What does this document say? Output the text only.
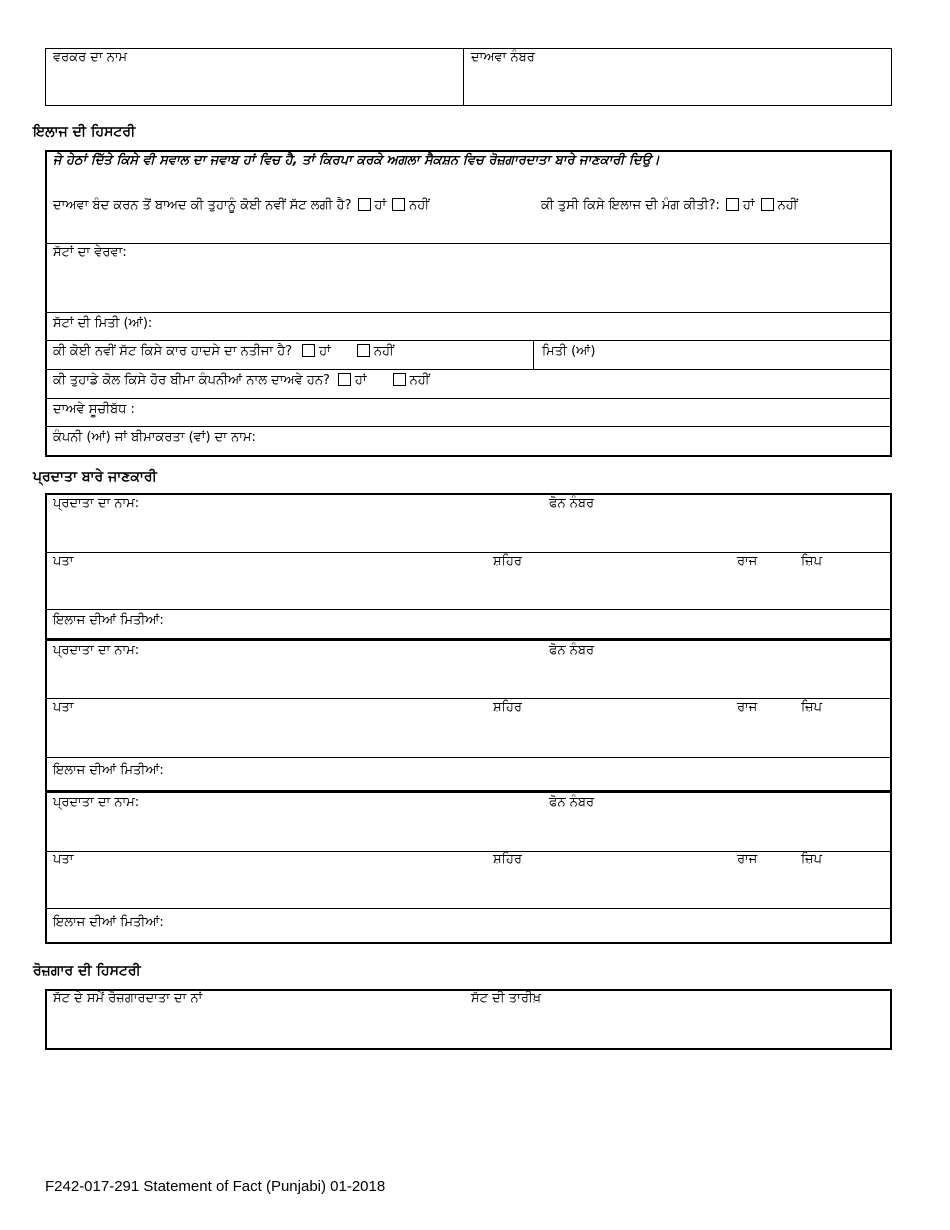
ਵਰਕਰ ਦਾ ਨਾਮ	ਦਾਅਵਾ ਨੰਬਰ
ਇਲਾਜ ਦੀ ਹਿਸਟਰੀ
ਜੇ ਹੇਠਾਂ ਦਿੱਤੇ ਕਿਸੇ ਵੀ ਸਵਾਲ ਦਾ ਜਵਾਬ ਹਾਂ ਵਿਚ ਹੈ, ਤਾਂ ਕਿਰਪਾ ਕਰਕੇ ਅਗਲਾ ਸੈਕਸ਼ਨ ਵਿਚ ਰੋਜ਼ਗਾਰਦਾਤਾ ਬਾਰੇ ਜਾਣਕਾਰੀ ਦਿਉ।
ਦਾਅਵਾ ਬੰਦ ਕਰਨ ਤੋਂ ਬਾਅਦ ਕੀ ਤੁਹਾਨੂੰ ਕੋਈ ਨਵੀਂ ਸੱਟ ਲਗੀ ਹੈ? ਹਾਂ ਨਹੀਂ	ਕੀ ਤੁਸੀ ਕਿਸੇ ਇਲਾਜ ਦੀ ਮੰਗ ਕੀਤੀ?: ਹਾਂ ਨਹੀਂ
ਸੱਟਾਂ ਦਾ ਵੇਰਵਾ:
ਸੱਟਾਂ ਦੀ ਮਿਤੀ (ਆਂ):
ਕੀ ਕੋਈ ਨਵੀਂ ਸੱਟ ਕਿਸੇ ਕਾਰ ਹਾਦਸੇ ਦਾ ਨਤੀਜਾ ਹੈ? ਹਾਂ	ਨਹੀਂ	ਮਿਤੀ (ਆਂ)
ਕੀ ਤੁਹਾਡੇ ਕੋਲ ਕਿਸੇ ਹੋਰ ਬੀਮਾ ਕੰਪਨੀਆਂ ਨਾਲ ਦਾਅਵੇ ਹਨ? ਹਾਂ	ਨਹੀਂ
ਦਾਅਵੇ ਸੂਚੀਬੱਧ :
ਕੰਪਨੀ (ਆਂ) ਜਾਂ ਬੀਮਾਕਰਤਾ (ਵਾਂ) ਦਾ ਨਾਮ:
ਪ੍ਰਦਾਤਾ ਬਾਰੇ ਜਾਣਕਾਰੀ
ਪ੍ਰਦਾਤਾ ਦਾ ਨਾਮ:	ਫੋਨ ਨੰਬਰ
ਪਤਾ	ਸ਼ਹਿਰ	ਰਾਜ	ਜ਼ਿਪ
ਇਲਾਜ ਦੀਆਂ ਮਿਤੀਆਂ:
ਪ੍ਰਦਾਤਾ ਦਾ ਨਾਮ:	ਫੋਨ ਨੰਬਰ
ਪਤਾ	ਸ਼ਹਿਰ	ਰਾਜ	ਜ਼ਿਪ
ਇਲਾਜ ਦੀਆਂ ਮਿਤੀਆਂ:
ਪ੍ਰਦਾਤਾ ਦਾ ਨਾਮ:	ਫੋਨ ਨੰਬਰ
ਪਤਾ	ਸ਼ਹਿਰ	ਰਾਜ	ਜ਼ਿਪ
ਇਲਾਜ ਦੀਆਂ ਮਿਤੀਆਂ:
ਰੋਜ਼ਗਾਰ ਦੀ ਹਿਸਟਰੀ
ਸੱਟ ਦੇ ਸਮੇਂ ਰੋਜ਼ਗਾਰਦਾਤਾ ਦਾ ਨਾਂ	ਸੱਟ ਦੀ ਤਾਰੀਖ਼
F242-017-291 Statement of Fact (Punjabi) 01-2018
